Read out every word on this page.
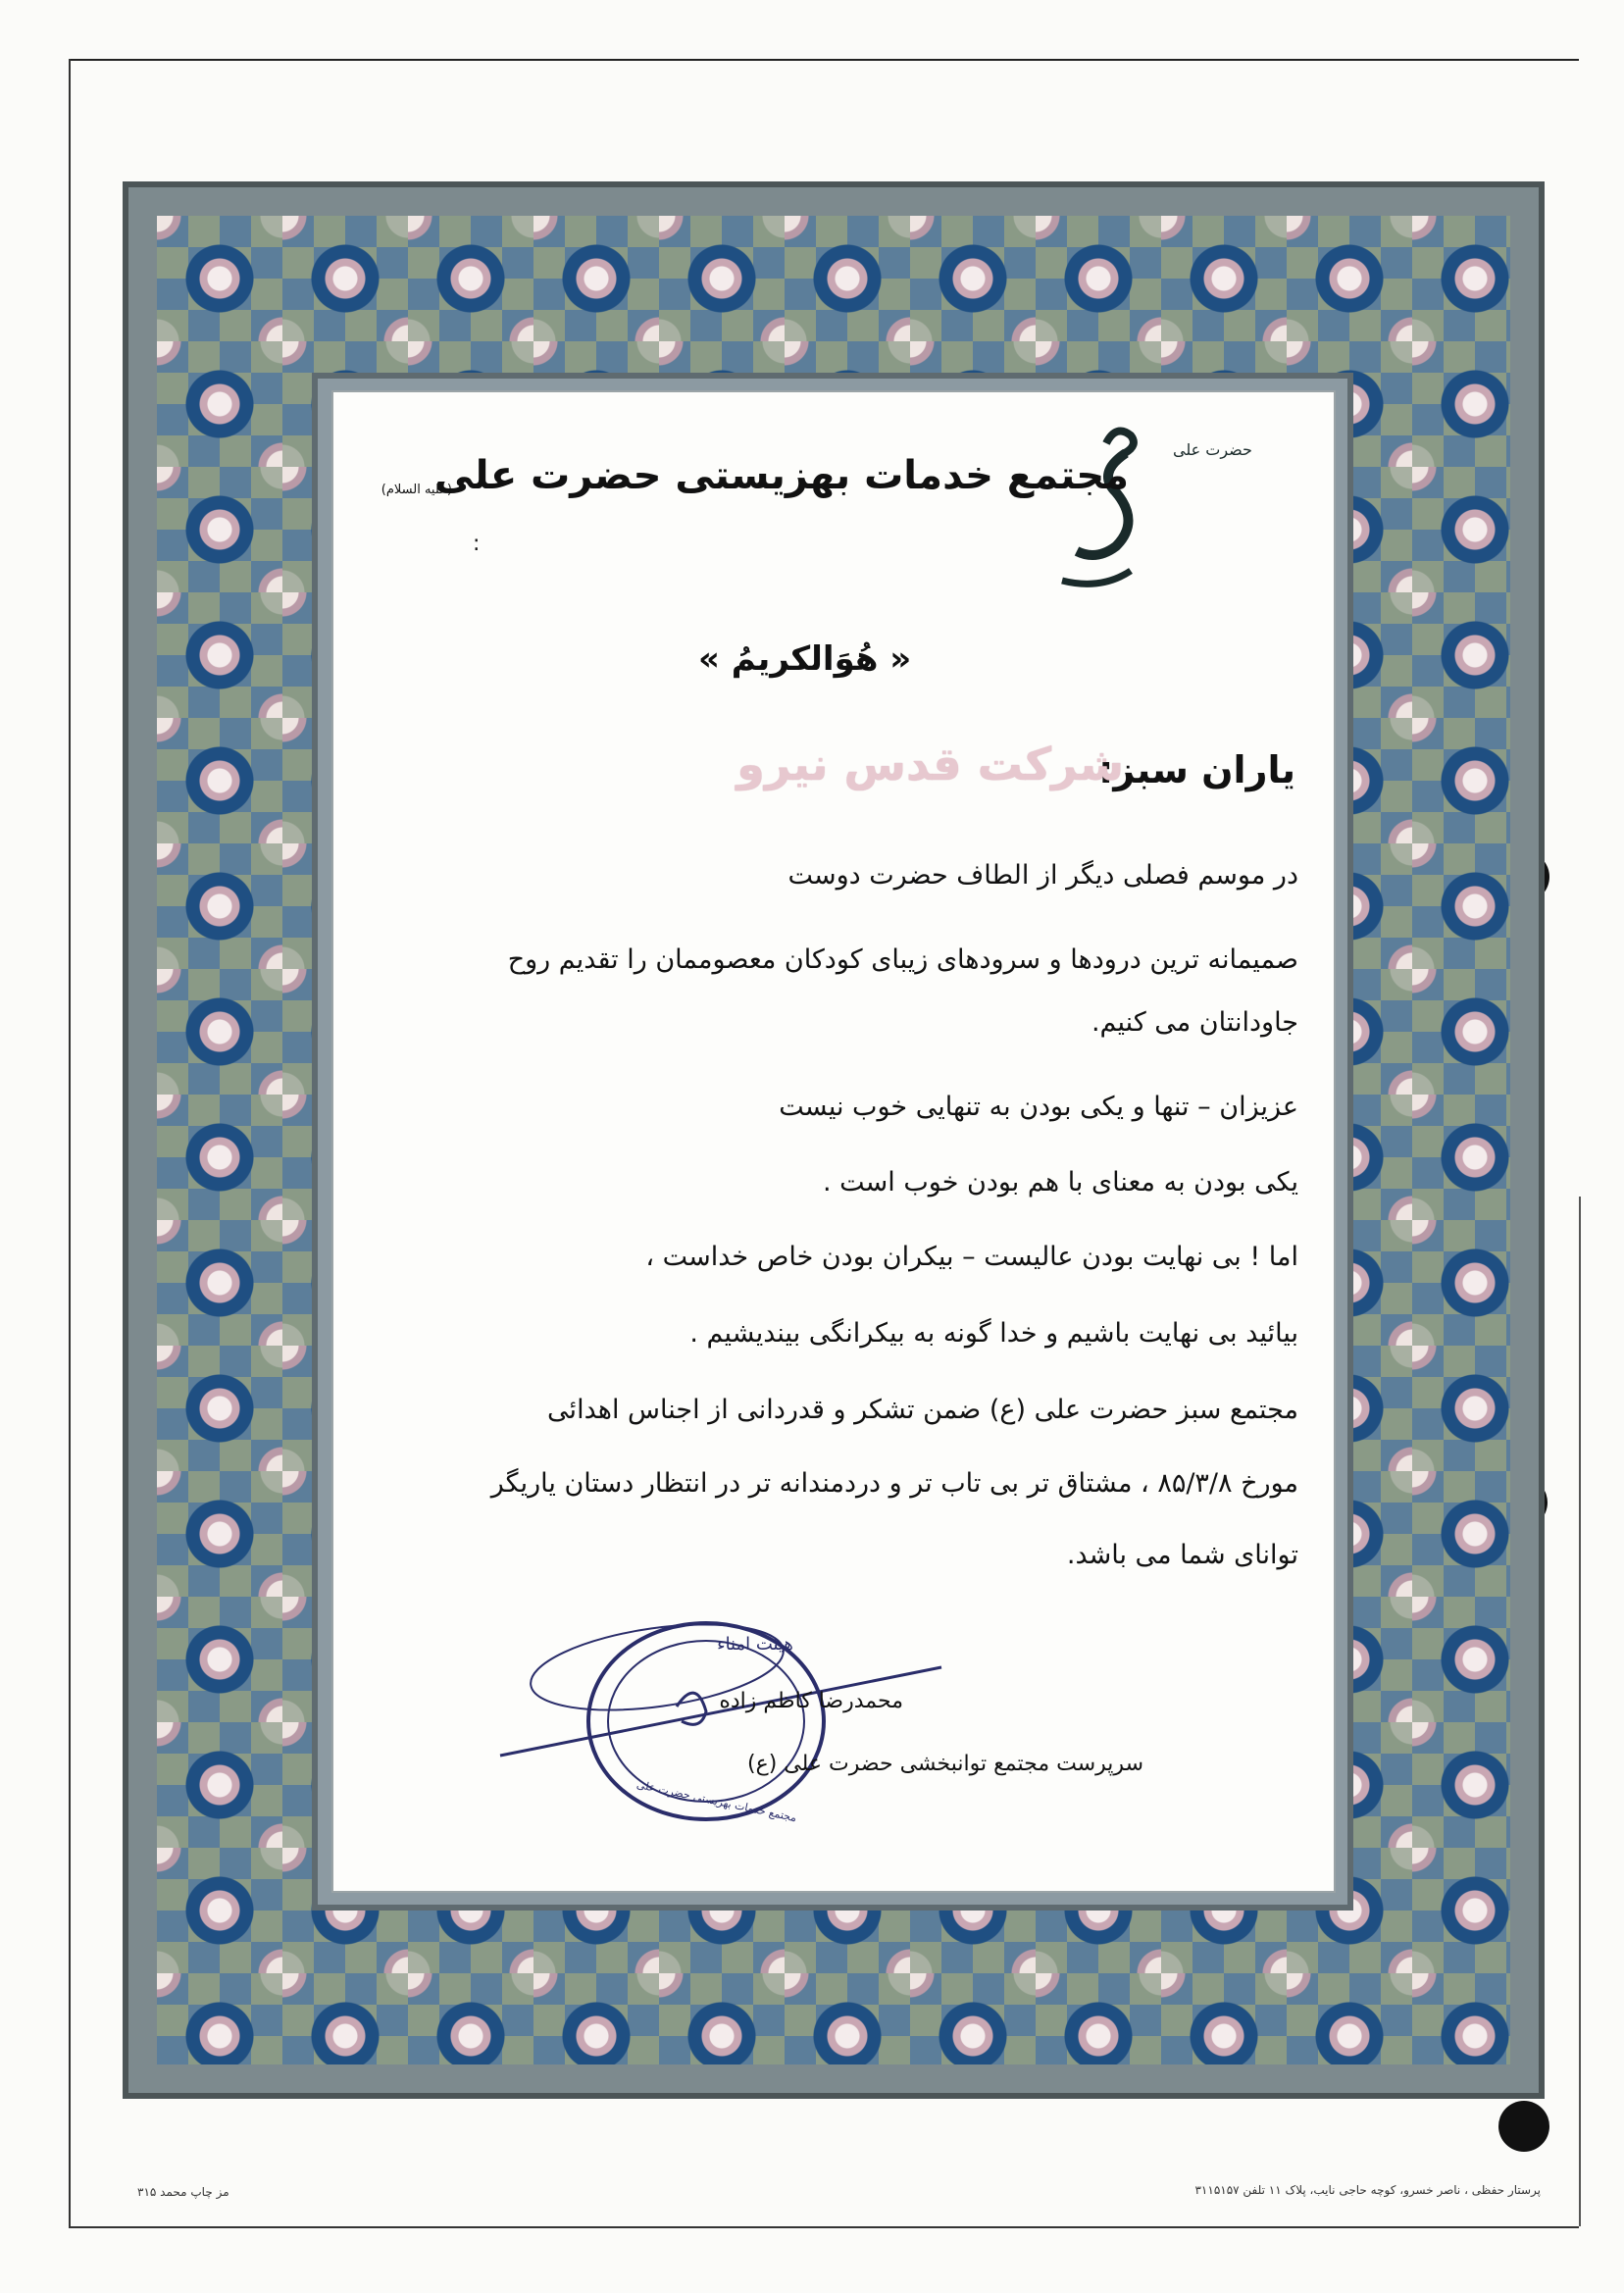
حضرت علی
مجتمع خدمات بهزیستی حضرت علی
(علیه السلام)
:
« هُوَالکریمُ »
یاران سبز:
شرکت قدس نیرو
در موسم فصلی دیگر از الطاف حضرت دوست
صمیمانه ترین درودها و سرودهای زیبای کودکان معصوممان را تقدیم روح
جاودانتان می کنیم.
عزیزان – تنها و یکی بودن به تنهایی خوب نیست
یکی بودن به معنای با هم بودن خوب است .
اما ! بی نهایت بودن عالیست – بیکران بودن خاص خداست ،
بیائید بی نهایت باشیم و خدا گونه به بیکرانگی بیندیشیم .
مجتمع سبز حضرت علی (ع) ضمن تشکر و قدردانی از اجناس اهدائی
مورخ ۸۵/۳/۸ ، مشتاق تر بی تاب تر و دردمندانه تر در انتظار دستان یاریگر
توانای شما می باشد.
هیئت امناء
مجتمع خدمات بهزیستی حضرت علی
محمدرضا کاظم زاده
سرپرست مجتمع توانبخشی حضرت علی (ع)
مز چاپ محمد ۳۱۵	پرستار حفظی ، ناصر خسرو، کوچه حاجی نایب، پلاک ۱۱ تلفن ۳۱۱۵۱۵۷
